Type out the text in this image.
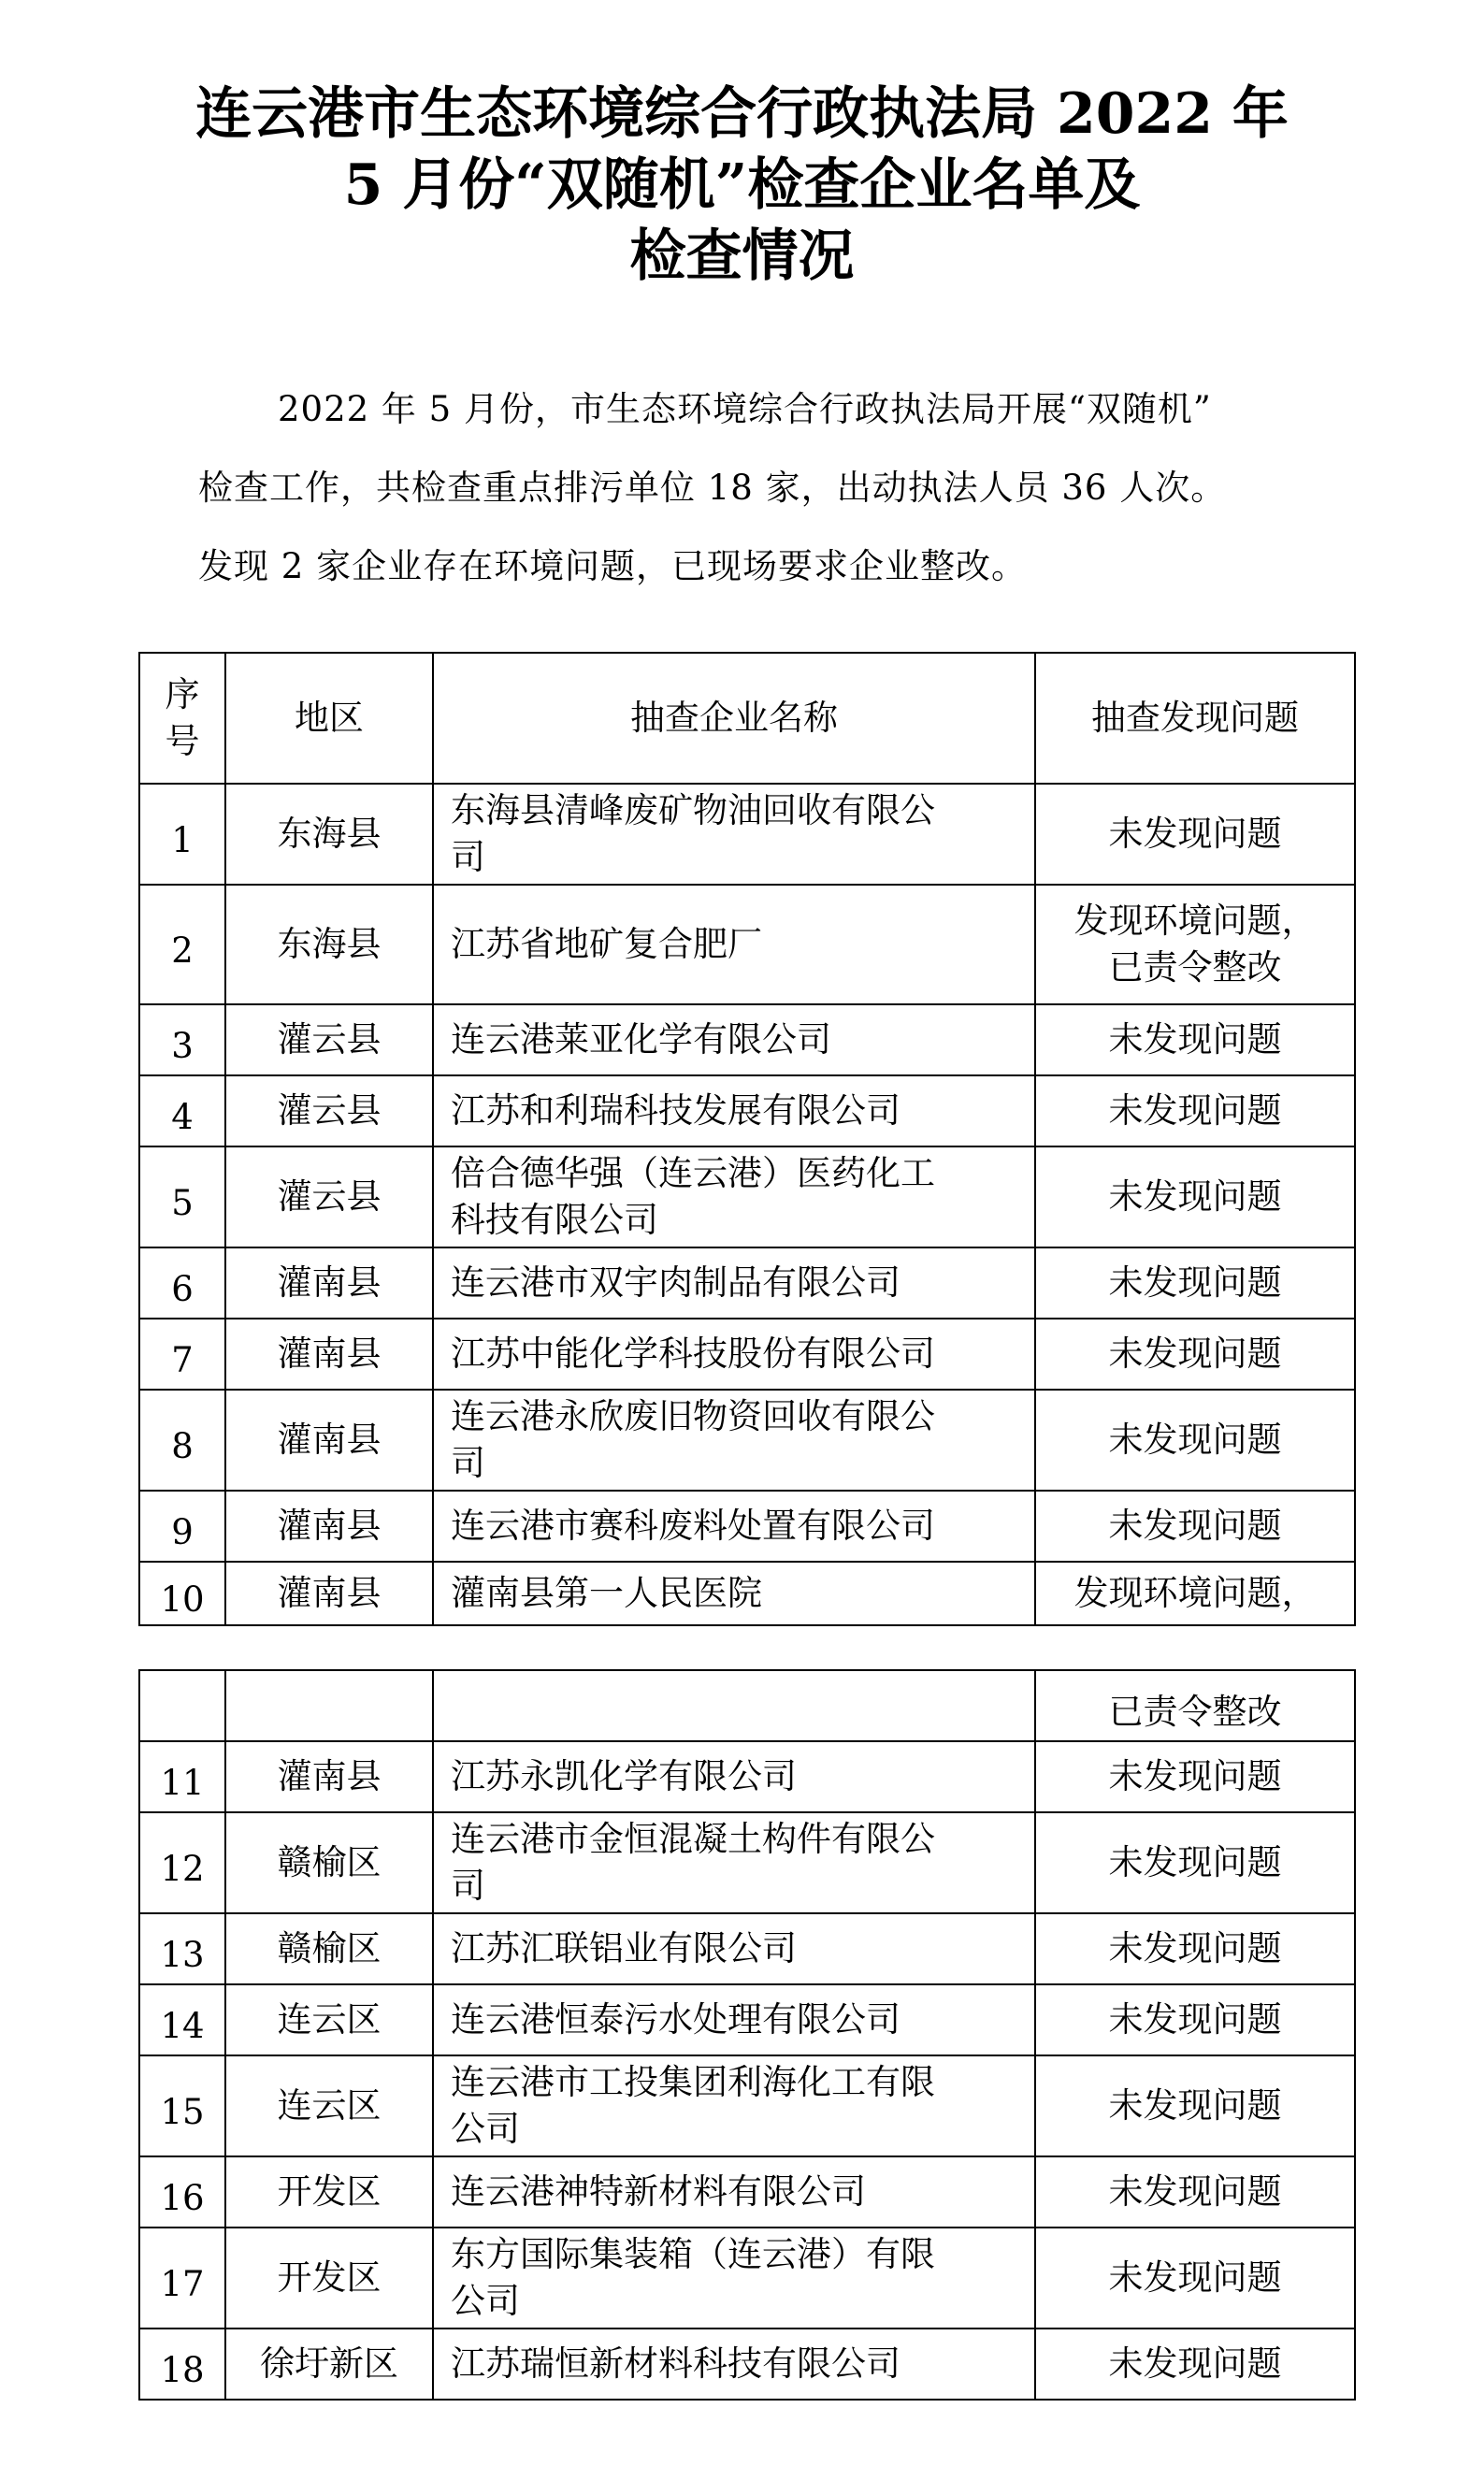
连云港市生态环境综合行政执法局 2022 年
5 月份“双随机”检查企业名单及
检查情况

2022 年 5 月份，市生态环境综合行政执法局开展“双随机”

检查工作，共检查重点排污单位 18 家，出动执法人员 36 人次。

发现 2 家企业存在环境问题，已现场要求企业整改。

序
号	地区	抽查企业名称	抽查发现问题

1	东海县	东海县清峰废矿物油回收有限公
司	未发现问题

2	东海县	江苏省地矿复合肥厂	发现环境问题，
已责令整改

3	灌云县	连云港莱亚化学有限公司	未发现问题

4	灌云县	江苏和利瑞科技发展有限公司	未发现问题

5	灌云县	倍合德华强（连云港）医药化工
科技有限公司	未发现问题

6	灌南县	连云港市双宇肉制品有限公司	未发现问题

7	灌南县	江苏中能化学科技股份有限公司	未发现问题

8	灌南县	连云港永欣废旧物资回收有限公
司	未发现问题

9	灌南县	连云港市赛科废料处置有限公司	未发现问题

10	灌南县	灌南县第一人民医院	发现环境问题，

			已责令整改

11	灌南县	江苏永凯化学有限公司	未发现问题

12	赣榆区	连云港市金恒混凝土构件有限公
司	未发现问题

13	赣榆区	江苏汇联铝业有限公司	未发现问题

14	连云区	连云港恒泰污水处理有限公司	未发现问题

15	连云区	连云港市工投集团利海化工有限
公司	未发现问题

16	开发区	连云港神特新材料有限公司	未发现问题

17	开发区	东方国际集装箱（连云港）有限
公司	未发现问题

18	徐圩新区	江苏瑞恒新材料科技有限公司	未发现问题
